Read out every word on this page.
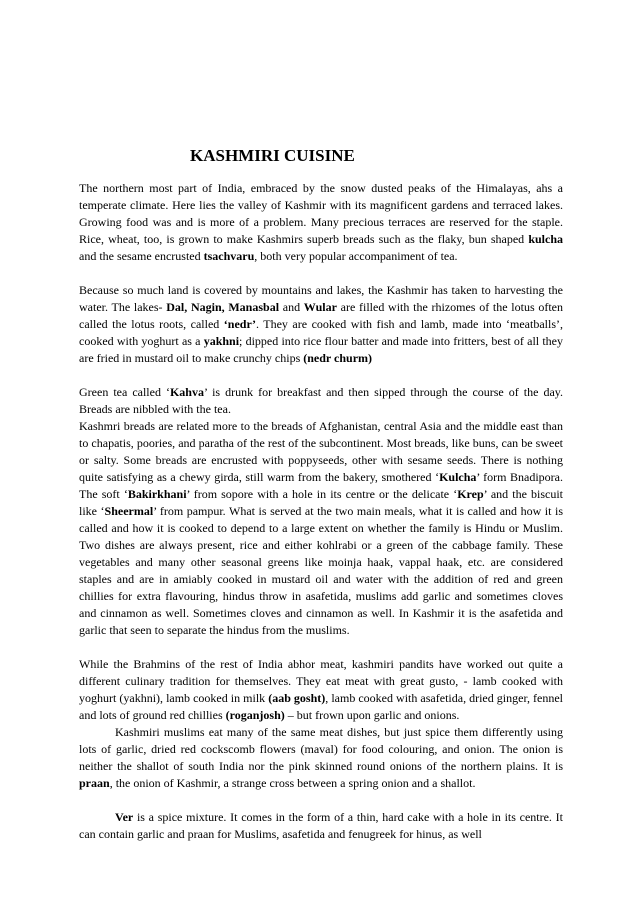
KASHMIRI CUISINE

The northern most part of India, embraced by the snow dusted peaks of the Himalayas, ahs a temperate climate. Here lies the valley of Kashmir with its magnificent gardens and terraced lakes. Growing food was and is more of a problem. Many precious terraces are reserved for the staple. Rice, wheat, too, is grown to make Kashmirs superb breads such as the flaky, bun shaped kulcha and the sesame encrusted tsachvaru, both very popular accompaniment of tea.

Because so much land is covered by mountains and lakes, the Kashmir has taken to harvesting the water. The lakes- Dal, Nagin, Manasbal and Wular are filled with the rhizomes of the lotus often called the lotus roots, called ‘nedr’. They are cooked with fish and lamb, made into ‘meatballs’, cooked with yoghurt as a yakhni; dipped into rice flour batter and made into fritters, best of all they are fried in mustard oil to make crunchy chips (nedr churm)

Green tea called ‘Kahva’ is drunk for breakfast and then sipped through the course of the day. Breads are nibbled with the tea.

Kashmri breads are related more to the breads of Afghanistan, central Asia and the middle east than to chapatis, poories, and paratha of the rest of the subcontinent. Most breads, like buns, can be sweet or salty. Some breads are encrusted with poppyseeds, other with sesame seeds. There is nothing quite satisfying as a chewy girda, still warm from the bakery, smothered ‘Kulcha’ form Bnadipora. The soft ‘Bakirkhani’ from sopore with a hole in its centre or the delicate ‘Krep’ and the biscuit like ‘Sheermal’ from pampur. What is served at the two main meals, what it is called and how it is called and how it is cooked to depend to a large extent on whether the family is Hindu or Muslim. Two dishes are always present, rice and either kohlrabi or a green of the cabbage family. These vegetables and many other seasonal greens like moinja haak, vappal haak, etc. are considered staples and are in amiably cooked in mustard oil and water with the addition of red and green chillies for extra flavouring, hindus throw in asafetida, muslims add garlic and sometimes cloves and cinnamon as well. Sometimes cloves and cinnamon as well. In Kashmir it is the asafetida and garlic that seen to separate the hindus from the muslims.

While the Brahmins of the rest of India abhor meat, kashmiri pandits have worked out quite a different culinary tradition for themselves. They eat meat with great gusto, - lamb cooked with yoghurt (yakhni), lamb cooked in milk (aab gosht), lamb cooked with asafetida, dried ginger, fennel and lots of ground red chillies (roganjosh) – but frown upon garlic and onions.

Kashmiri muslims eat many of the same meat dishes, but just spice them differently using lots of garlic, dried red cockscomb flowers (maval) for food colouring, and onion. The onion is neither the shallot of south India nor the pink skinned round onions of the northern plains. It is praan, the onion of Kashmir, a strange cross between a spring onion and a shallot.

Ver is a spice mixture. It comes in the form of a thin, hard cake with a hole in its centre. It can contain garlic and praan for Muslims, asafetida and fenugreek for hinus, as well
